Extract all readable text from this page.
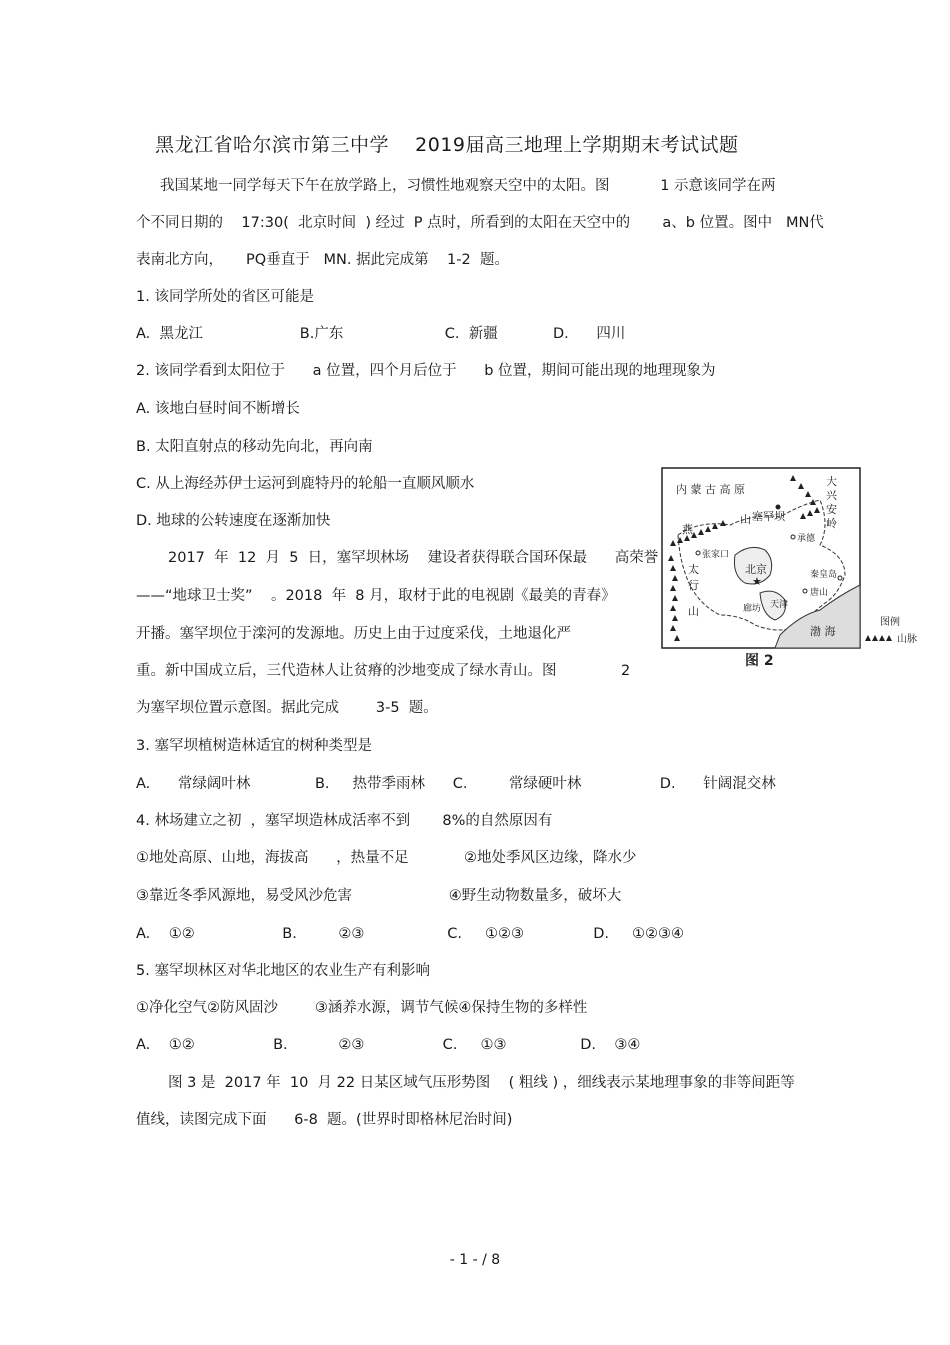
黑龙江省哈尔滨市第三中学    2019届高三地理上学期期末考试试题
我国某地一同学每天下午在放学路上，习惯性地观察天空中的太阳。图           1 示意该同学在两
个不同日期的    17:30(  北京时间  ) 经过  P 点时，所看到的太阳在天空中的       a、b 位置。图中   MN代
表南北方向，     PQ垂直于   MN. 据此完成第    1-2  题。
1. 该同学所处的省区可能是
A.  黑龙江                     B.广东                      C.  新疆            D.      四川
2. 该同学看到太阳位于      a 位置，四个月后位于      b 位置，期间可能出现的地理现象为
A. 该地白昼时间不断增长
B. 太阳直射点的移动先向北，再向南
C. 从上海经苏伊士运河到鹿特丹的轮船一直顺风顺水
D. 地球的公转速度在逐渐加快
2017  年  12  月  5  日，塞罕坝林场    建设者获得联合国环保最      高荣誉
——“地球卫士奖”    。2018  年  8 月，取材于此的电视剧《最美的青春》
开播。塞罕坝位于滦河的发源地。历史上由于过度采伐，土地退化严
重。新中国成立后，三代造林人让贫瘠的沙地变成了绿水青山。图              2
为塞罕坝位置示意图。据此完成        3-5  题。
3. 塞罕坝植树造林适宜的树种类型是
A.      常绿阔叶林              B.     热带季雨林      C.         常绿硬叶林                 D.      针阔混交林
4. 林场建立之初  ，塞罕坝造林成活率不到       8%的自然原因有
①地处高原、山地，海拔高      ，热量不足            ②地处季风区边缘，降水少
③靠近冬季风源地，易受风沙危害                     ④野生动物数量多，破坏大
A.    ①②                   B.         ②③                  C.     ①②③               D.     ①②③④
5. 塞罕坝林区对华北地区的农业生产有利影响
①净化空气②防风固沙        ③涵养水源，调节气候④保持生物的多样性
A.    ①②                 B.           ②③                 C.     ①③                D.    ③④
图 3 是  2017 年  10  月 22 日某区域气压形势图    ( 粗线 ) ，细线表示某地理事象的非等间距等
值线，读图完成下面      6-8  题。(世界时即格林尼治时间)
内 蒙 古 高 原
大
兴
安
岭
燕
山 塞罕坝
承德
张家口
北京
★	秦皇岛
唐山
廊坊 天津
太
行
山
渤 海
图例
山脉
图 2
- 1 - / 8
